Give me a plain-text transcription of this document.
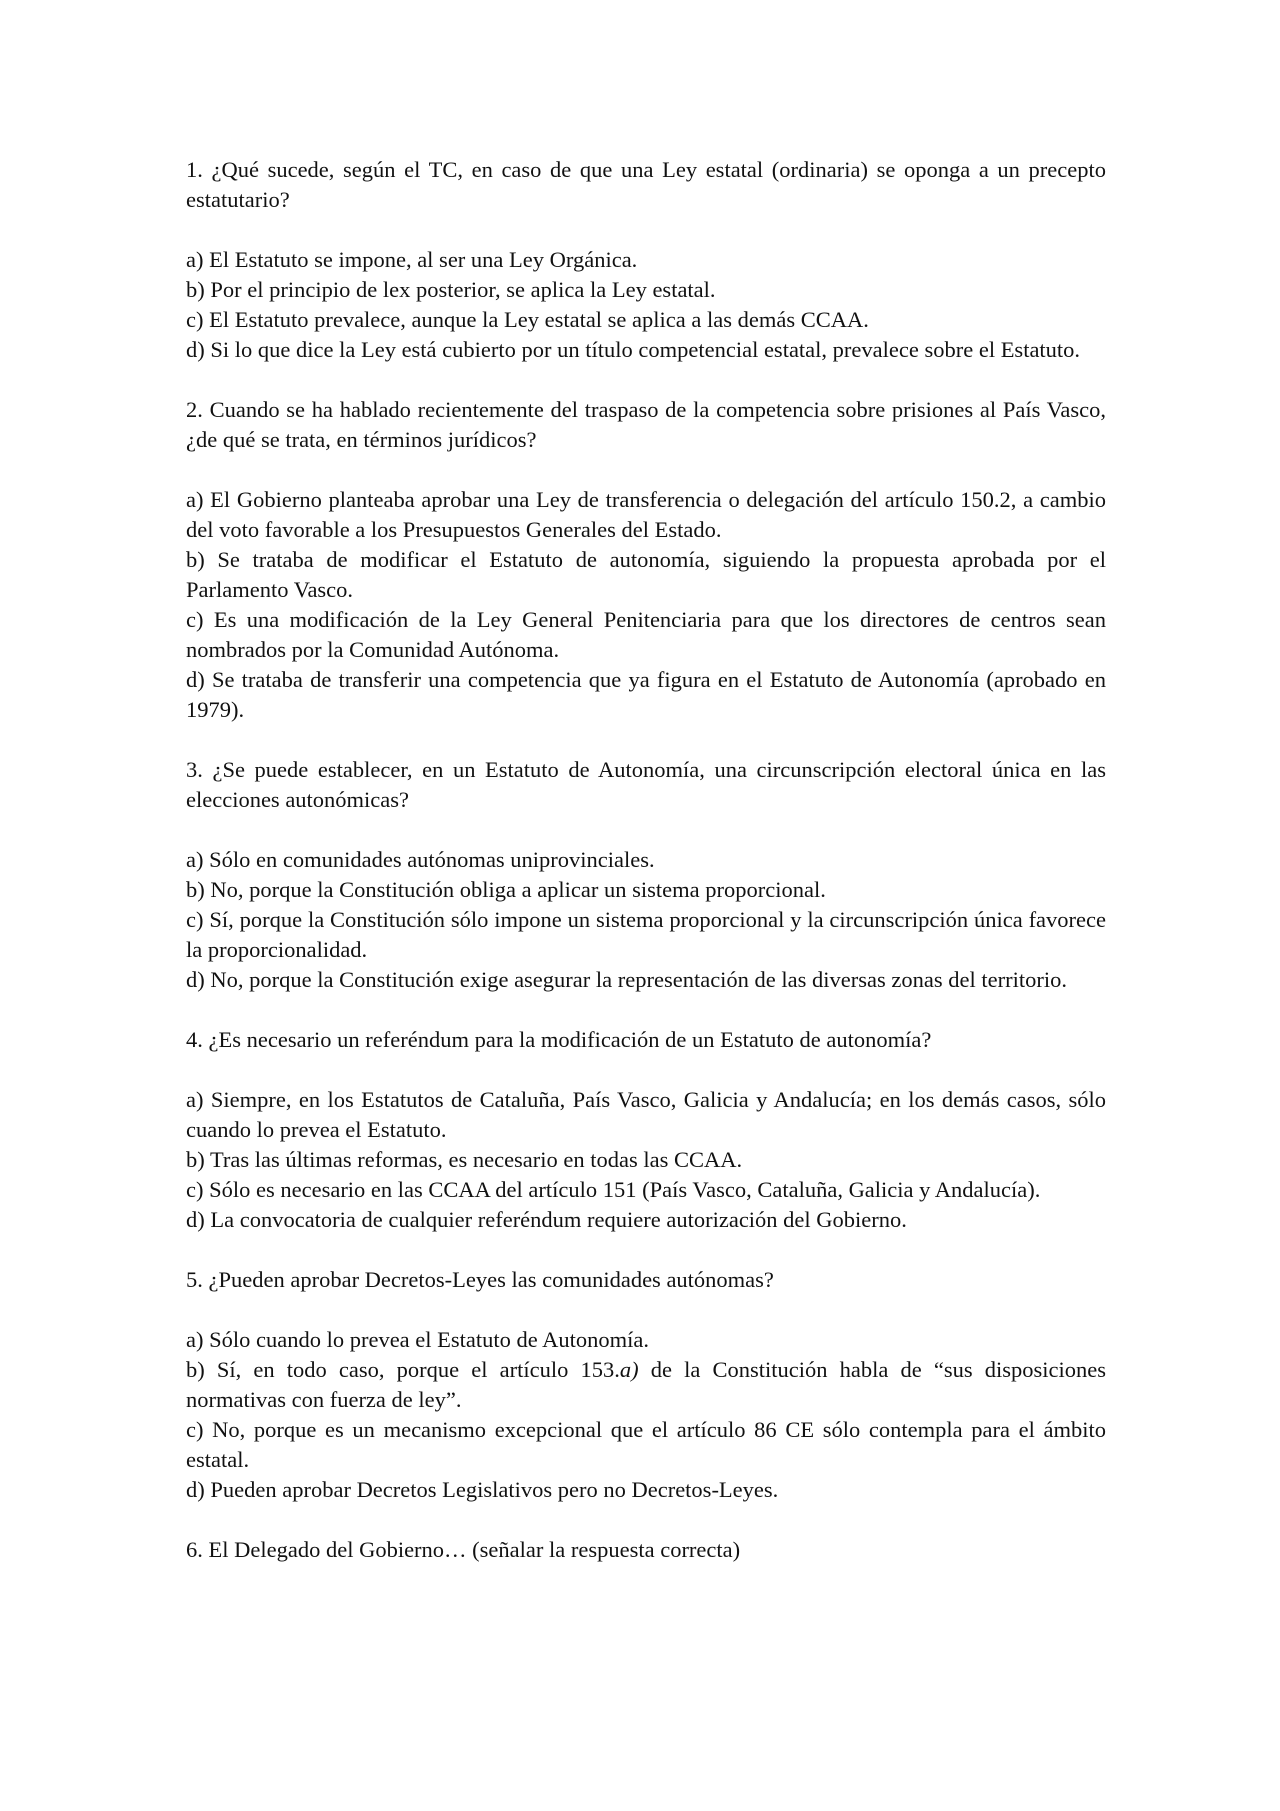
1. ¿Qué sucede, según el TC, en caso de que una Ley estatal (ordinaria) se oponga a un precepto estatutario?

a) El Estatuto se impone, al ser una Ley Orgánica.

b) Por el principio de lex posterior, se aplica la Ley estatal.

c) El Estatuto prevalece, aunque la Ley estatal se aplica a las demás CCAA.

d) Si lo que dice la Ley está cubierto por un título competencial estatal, prevalece sobre el Estatuto.

2. Cuando se ha hablado recientemente del traspaso de la competencia sobre prisiones al País Vasco, ¿de qué se trata, en términos jurídicos?

a) El Gobierno planteaba aprobar una Ley de transferencia o delegación del artículo 150.2, a cambio del voto favorable a los Presupuestos Generales del Estado.

b) Se trataba de modificar el Estatuto de autonomía, siguiendo la propuesta aprobada por el Parlamento Vasco.

c) Es una modificación de la Ley General Penitenciaria para que los directores de centros sean nombrados por la Comunidad Autónoma.

d) Se trataba de transferir una competencia que ya figura en el Estatuto de Autonomía (aprobado en 1979).

3. ¿Se puede establecer, en un Estatuto de Autonomía, una circunscripción electoral única en las elecciones autonómicas?

a) Sólo en comunidades autónomas uniprovinciales.

b) No, porque la Constitución obliga a aplicar un sistema proporcional.

c) Sí, porque la Constitución sólo impone un sistema proporcional y la circunscripción única favorece la proporcionalidad.

d) No, porque la Constitución exige asegurar la representación de las diversas zonas del territorio.

4. ¿Es necesario un referéndum para la modificación de un Estatuto de autonomía?

a) Siempre, en los Estatutos de Cataluña, País Vasco, Galicia y Andalucía; en los demás casos, sólo cuando lo prevea el Estatuto.

b) Tras las últimas reformas, es necesario en todas las CCAA.

c) Sólo es necesario en las CCAA del artículo 151 (País Vasco, Cataluña, Galicia y Andalucía).

d) La convocatoria de cualquier referéndum requiere autorización del Gobierno.

5. ¿Pueden aprobar Decretos-Leyes las comunidades autónomas?

a) Sólo cuando lo prevea el Estatuto de Autonomía.

b) Sí, en todo caso, porque el artículo 153.a) de la Constitución habla de “sus disposiciones normativas con fuerza de ley”.

c) No, porque es un mecanismo excepcional que el artículo 86 CE sólo contempla para el ámbito estatal.

d) Pueden aprobar Decretos Legislativos pero no Decretos-Leyes.

6. El Delegado del Gobierno… (señalar la respuesta correcta)
